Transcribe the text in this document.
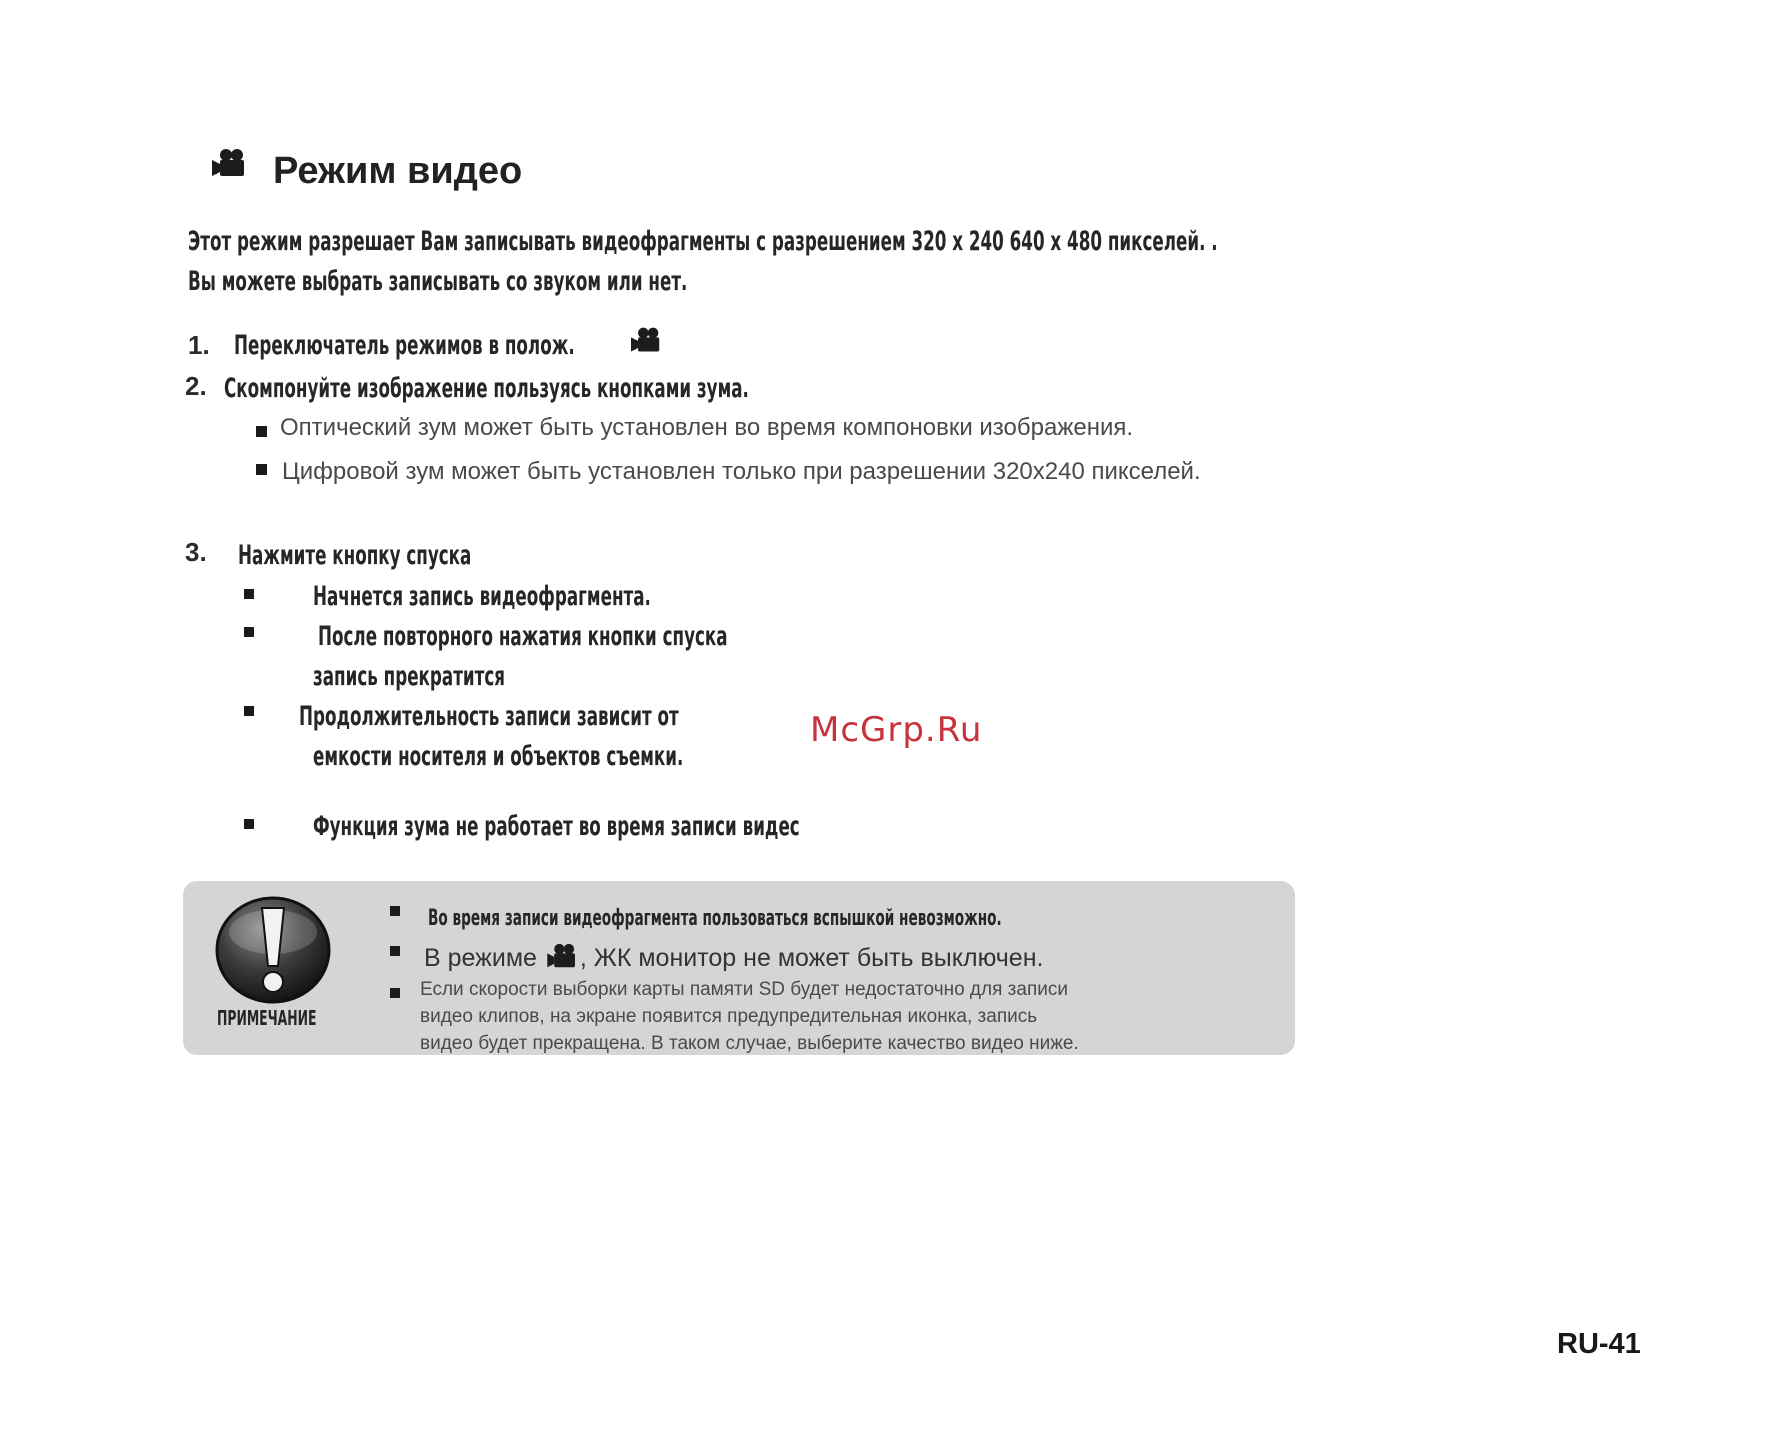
Режим видео
Этот режим разрешает Вам записывать видеофрагменты с разрешением 320 х 240 640 х 480 пикселей. .
Вы можете выбрать записывать со звуком или нет.
1. Переключатель режимов в полож.
2. Скомпонуйте изображение пользуясь кнопками зума.
Оптический зум может быть установлен во время компоновки изображения.
Цифровой зум может быть установлен только при разрешении 320х240 пикселей.
3. Нажмите кнопку спуска
Начнется запись видеофрагмента.
После повторного нажатия кнопки спуска
запись прекратится
Продолжительность записи зависит от
емкости носителя и объектов съемки.
Функция зума не работает во время записи видес
McGrp.Ru
ПРИМЕЧАНИЕ
Во время записи видеофрагмента пользоваться вспышкой невозможно.
В режиме , ЖК монитор не может быть выключен.
Если скорости выборки карты памяти SD будет недостаточно для записи
видео клипов, на экране появится предупредительная иконка, запись
видео будет прекращена. В таком случае, выберите качество видео ниже.
RU-41
